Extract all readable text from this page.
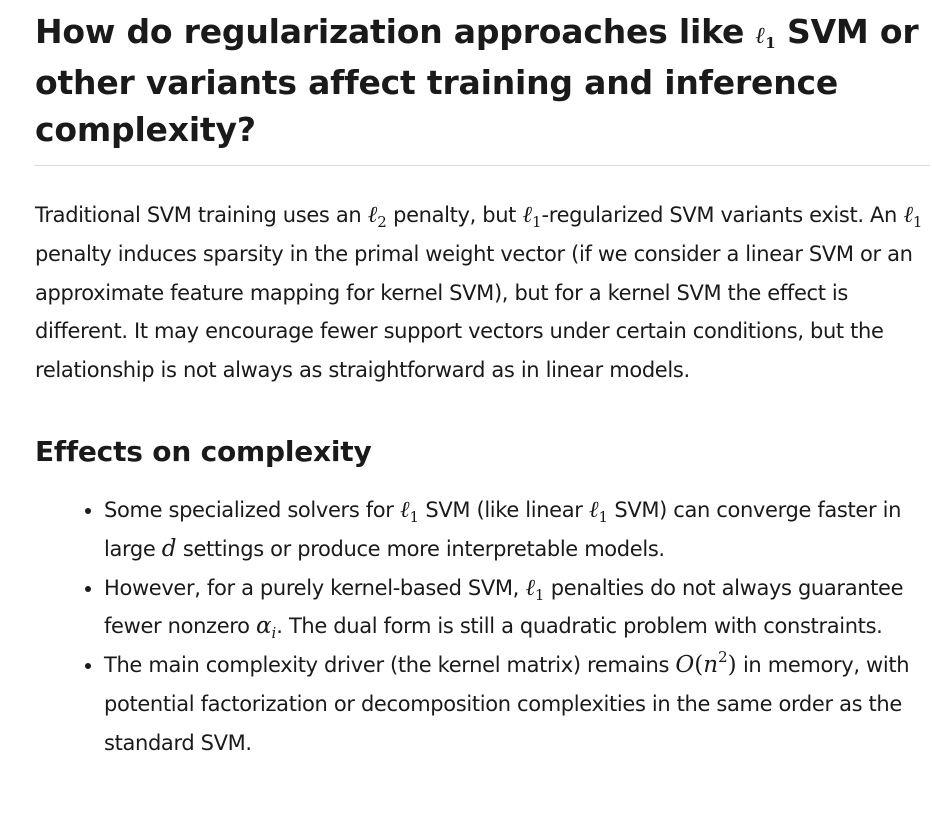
How do regularization approaches like ℓ$_1$ SVM or other variants affect training and inference complexity?

Traditional SVM training uses an ℓ$_2$ penalty, but ℓ$_1$-regularized SVM variants exist. An ℓ$_1$ penalty induces sparsity in the primal weight vector (if we consider a linear SVM or an approximate feature mapping for kernel SVM), but for a kernel SVM the effect is different. It may encourage fewer support vectors under certain conditions, but the relationship is not always as straightforward as in linear models.

Effects on complexity
• Some specialized solvers for ℓ$_1$ SVM (like linear ℓ$_1$ SVM) can converge faster in large d settings or produce more interpretable models.
• However, for a purely kernel-based SVM, ℓ$_1$ penalties do not always guarantee fewer nonzero $\alpha_i$. The dual form is still a quadratic problem with constraints.
• The main complexity driver (the kernel matrix) remains $O(n^2)$ in memory, with potential factorization or decomposition complexities in the same order as the standard SVM.
